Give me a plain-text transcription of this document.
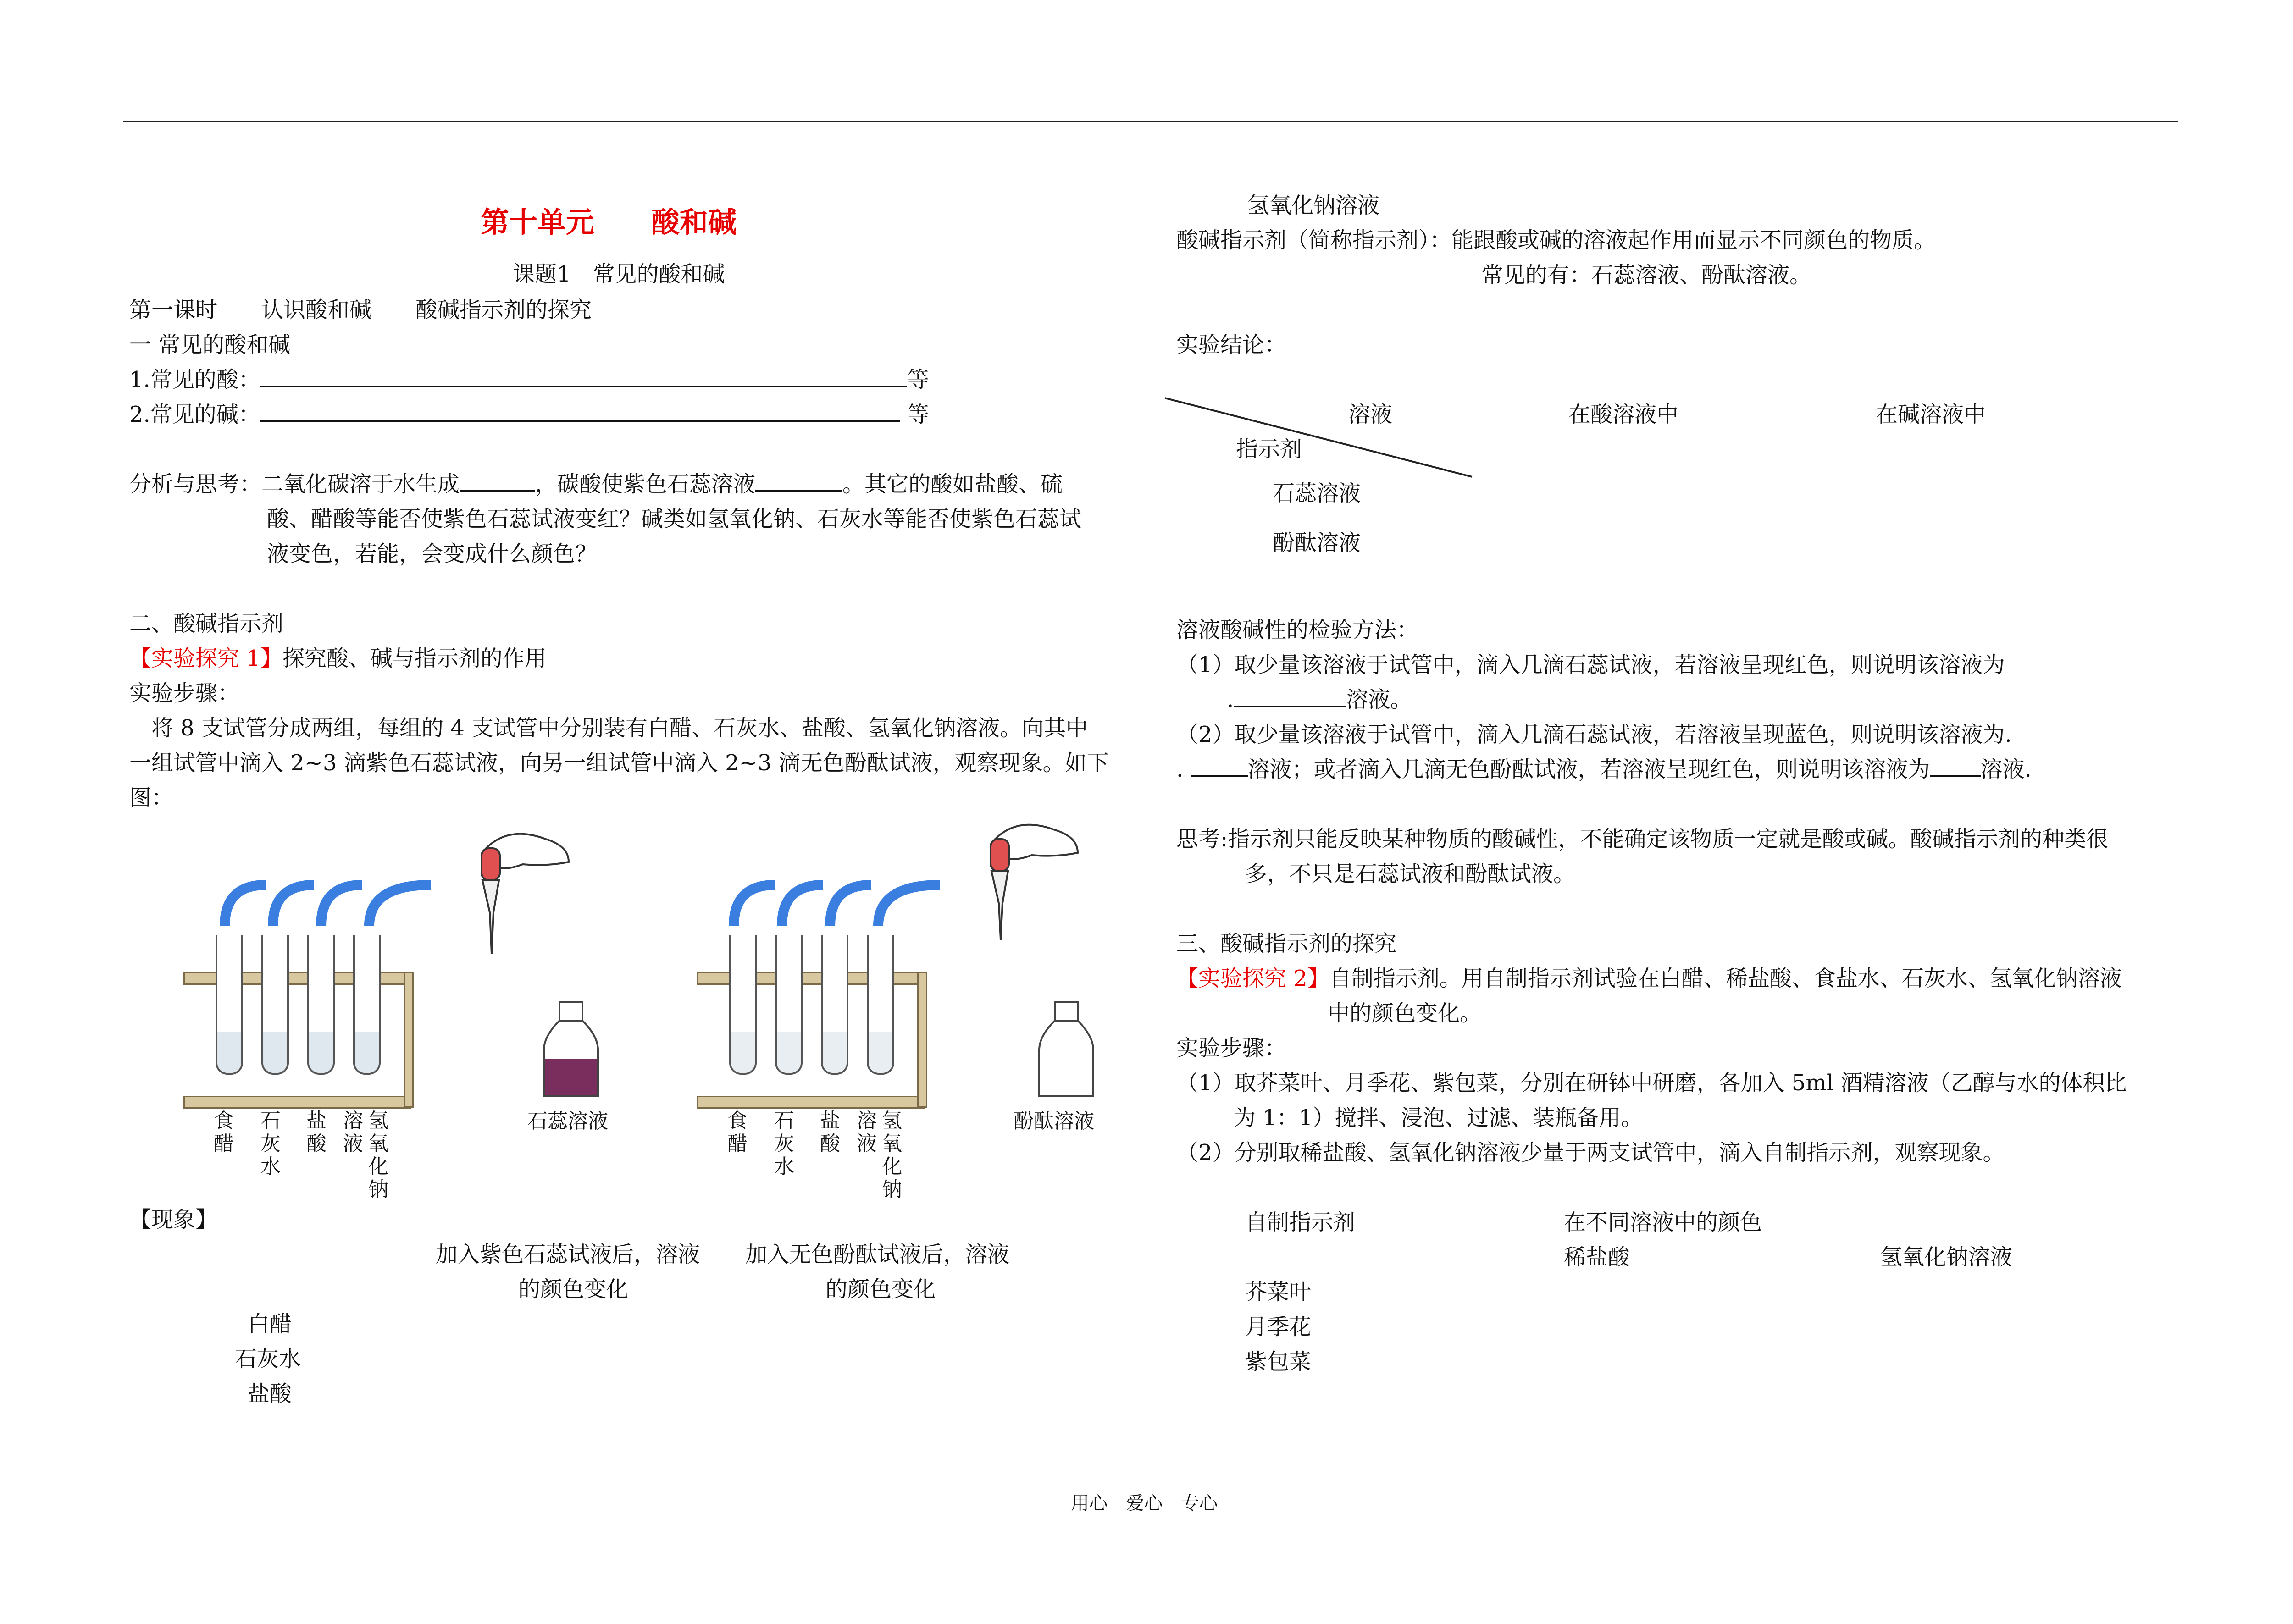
第十单元　　酸和碱
课题1　常见的酸和碱
第一课时　　认识酸和碱　　酸碱指示剂的探究
一 常见的酸和碱
1.常见的酸：	等
2.常见的碱：	等
分析与思考：二氧化碳溶于水生成	，碳酸使紫色石蕊溶液	。其它的酸如盐酸、硫
酸、醋酸等能否使紫色石蕊试液变红？碱类如氢氧化钠、石灰水等能否使紫色石蕊试
液变色，若能，会变成什么颜色？
二、酸碱指示剂
【实验探究 1】探究酸、碱与指示剂的作用
实验步骤：
将 8 支试管分成两组，每组的 4 支试管中分别装有白醋、石灰水、盐酸、氢氧化钠溶液。向其中
一组试管中滴入 2~3 滴紫色石蕊试液，向另一组试管中滴入 2~3 滴无色酚酞试液，观察现象。如下
图：
食醋
石灰水
盐酸
溶液
氢氧化钠
石蕊溶液	食醋
石灰水
盐酸
溶液
氢氧化钠
酚酞溶液
【现象】
加入紫色石蕊试液后，溶液
的颜色变化
加入无色酚酞试液后，溶液
的颜色变化
白醋
石灰水
盐酸
氢氧化钠溶液
酸碱指示剂（简称指示剂）：能跟酸或碱的溶液起作用而显示不同颜色的物质。
常见的有：石蕊溶液、酚酞溶液。
实验结论：
溶液
指示剂
在酸溶液中	在碱溶液中
石蕊溶液
酚酞溶液
溶液酸碱性的检验方法：
（1）取少量该溶液于试管中，滴入几滴石蕊试液，若溶液呈现红色，则说明该溶液为
.	溶液。
（2）取少量该溶液于试管中，滴入几滴石蕊试液，若溶液呈现蓝色，则说明该溶液为.
.	溶液；或者滴入几滴无色酚酞试液，若溶液呈现红色，则说明该溶液为 溶液.
思考:指示剂只能反映某种物质的酸碱性，不能确定该物质一定就是酸或碱。酸碱指示剂的种类很
多，不只是石蕊试液和酚酞试液。
三、酸碱指示剂的探究
【实验探究 2】自制指示剂。用自制指示剂试验在白醋、稀盐酸、食盐水、石灰水、氢氧化钠溶液
中的颜色变化。
实验步骤：
（1）取芥菜叶、月季花、紫包菜，分别在研钵中研磨，各加入 5ml 酒精溶液（乙醇与水的体积比
为 1：1）搅拌、浸泡、过滤、装瓶备用。
（2）分别取稀盐酸、氢氧化钠溶液少量于两支试管中，滴入自制指示剂，观察现象。
自制指示剂	在不同溶液中的颜色
稀盐酸	氢氧化钠溶液
芥菜叶
月季花
紫包菜
用心　爱心　专心
